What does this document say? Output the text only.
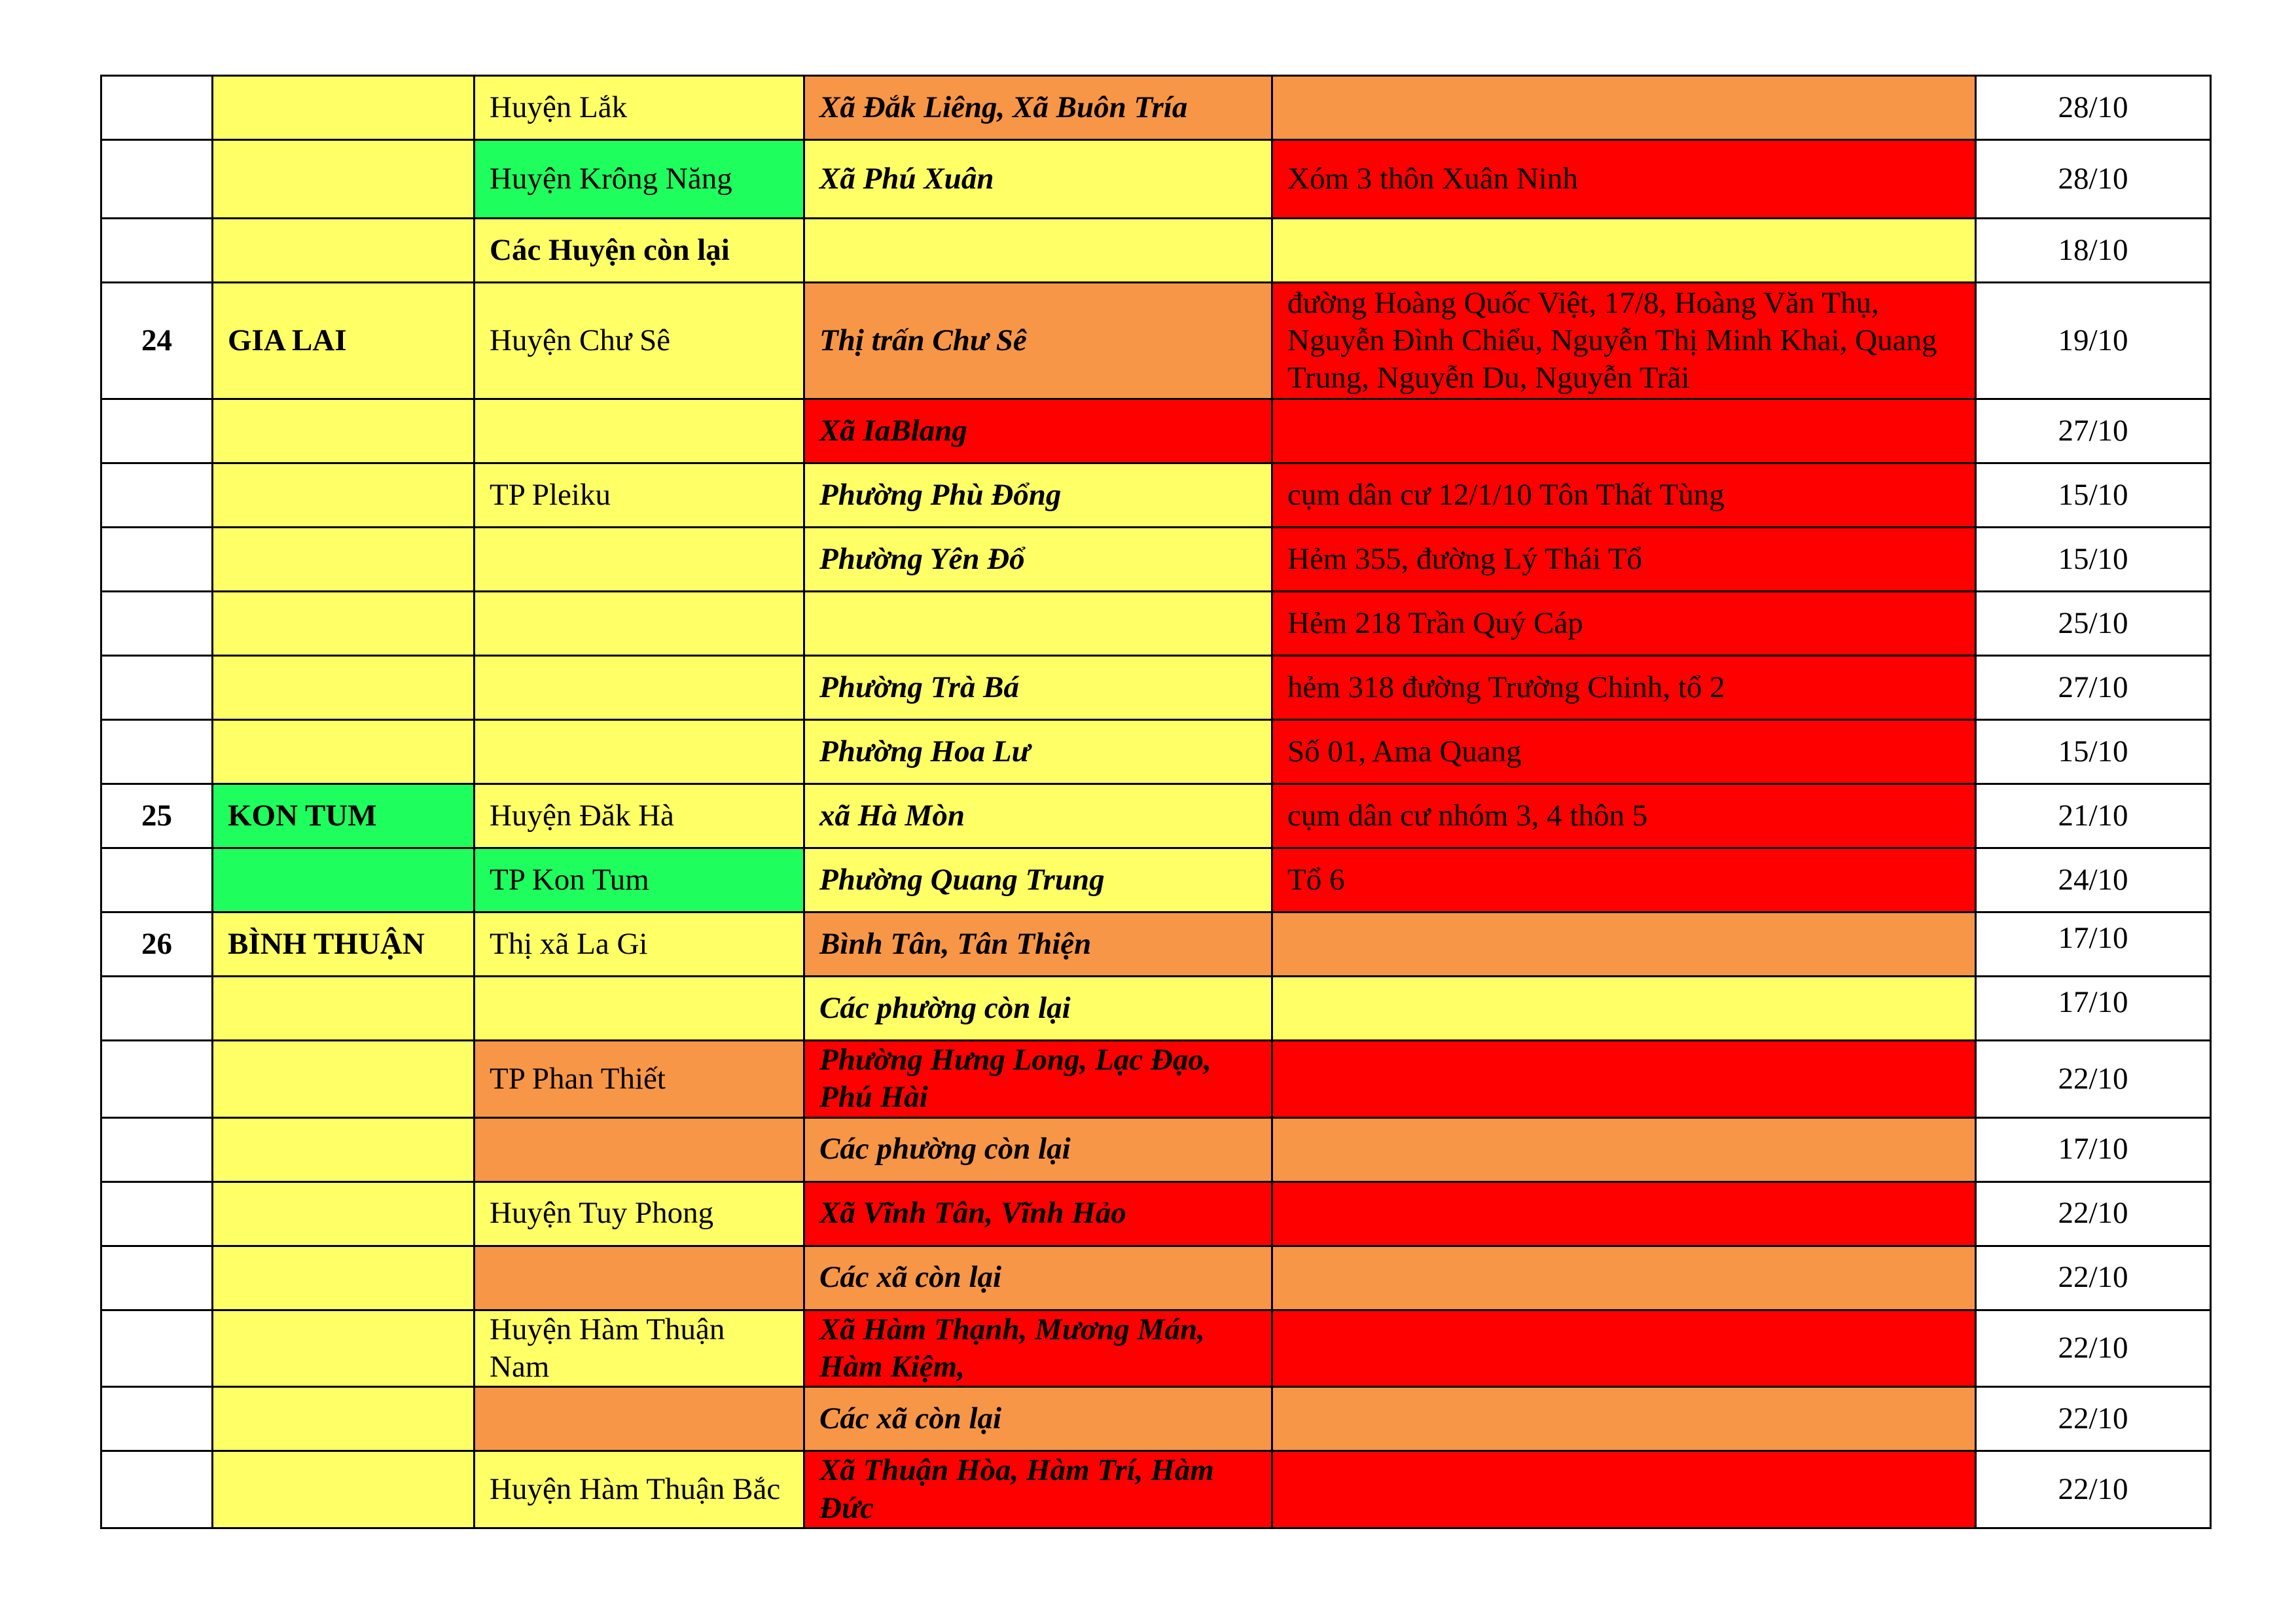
		Huyện Lắk	Xã Đắk Liêng, Xã Buôn Tría		28/10
		Huyện Krông Năng	Xã Phú Xuân	Xóm 3 thôn Xuân Ninh	28/10
		Các Huyện còn lại			18/10
24	GIA LAI	Huyện Chư Sê	Thị trấn Chư Sê	đường Hoàng Quốc Việt, 17/8, Hoàng Văn Thụ, Nguyễn Đình Chiểu, Nguyễn Thị Minh Khai, Quang Trung, Nguyễn Du, Nguyễn Trãi	19/10
			Xã IaBlang		27/10
		TP Pleiku	Phường Phù Đổng	cụm dân cư 12/1/10 Tôn Thất Tùng	15/10
			Phường Yên Đổ	Hẻm 355, đường Lý Thái Tổ	15/10
				Hẻm 218 Trần Quý Cáp	25/10
			Phường Trà Bá	hẻm 318 đường Trường Chinh, tổ 2	27/10
			Phường Hoa Lư	Số 01, Ama Quang	15/10
25	KON TUM	Huyện Đăk Hà	xã Hà Mòn	cụm dân cư nhóm 3, 4 thôn 5	21/10
		TP Kon Tum	Phường Quang Trung	Tổ 6	24/10
26	BÌNH THUẬN	Thị xã La Gi	Bình Tân, Tân Thiện		17/10
			Các phường còn lại		17/10
		TP Phan Thiết	Phường Hưng Long, Lạc Đạo, Phú Hài		22/10
			Các phường còn lại		17/10
		Huyện Tuy Phong	Xã Vĩnh Tân, Vĩnh Hảo		22/10
			Các xã còn lại		22/10
		Huyện Hàm Thuận Nam	Xã Hàm Thạnh, Mương Mán, Hàm Kiệm,		22/10
			Các xã còn lại		22/10
		Huyện Hàm Thuận Bắc	Xã Thuận Hòa, Hàm Trí, Hàm Đức		22/10
